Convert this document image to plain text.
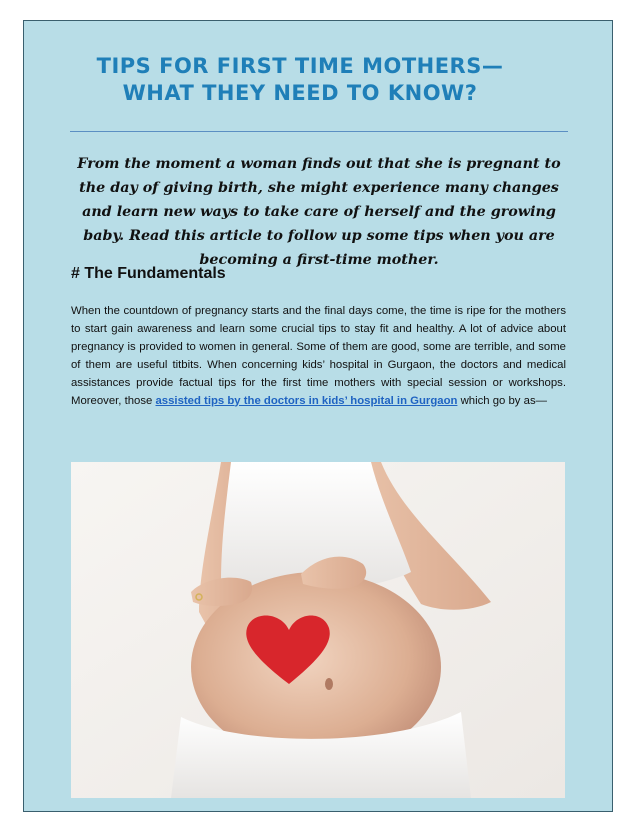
TIPS FOR FIRST TIME MOTHERS—WHAT THEY NEED TO KNOW?
From the moment a woman finds out that she is pregnant to the day of giving birth, she might experience many changes and learn new ways to take care of herself and the growing baby. Read this article to follow up some tips when you are becoming a first-time mother.
# The Fundamentals
When the countdown of pregnancy starts and the final days come, the time is ripe for the mothers to start gain awareness and learn some crucial tips to stay fit and healthy. A lot of advice about pregnancy is provided to women in general. Some of them are good, some are terrible, and some of them are useful titbits. When concerning kids’ hospital in Gurgaon, the doctors and medical assistances provide factual tips for the first time mothers with special session or workshops. Moreover, those assisted tips by the doctors in kids’ hospital in Gurgaon which go by as—
